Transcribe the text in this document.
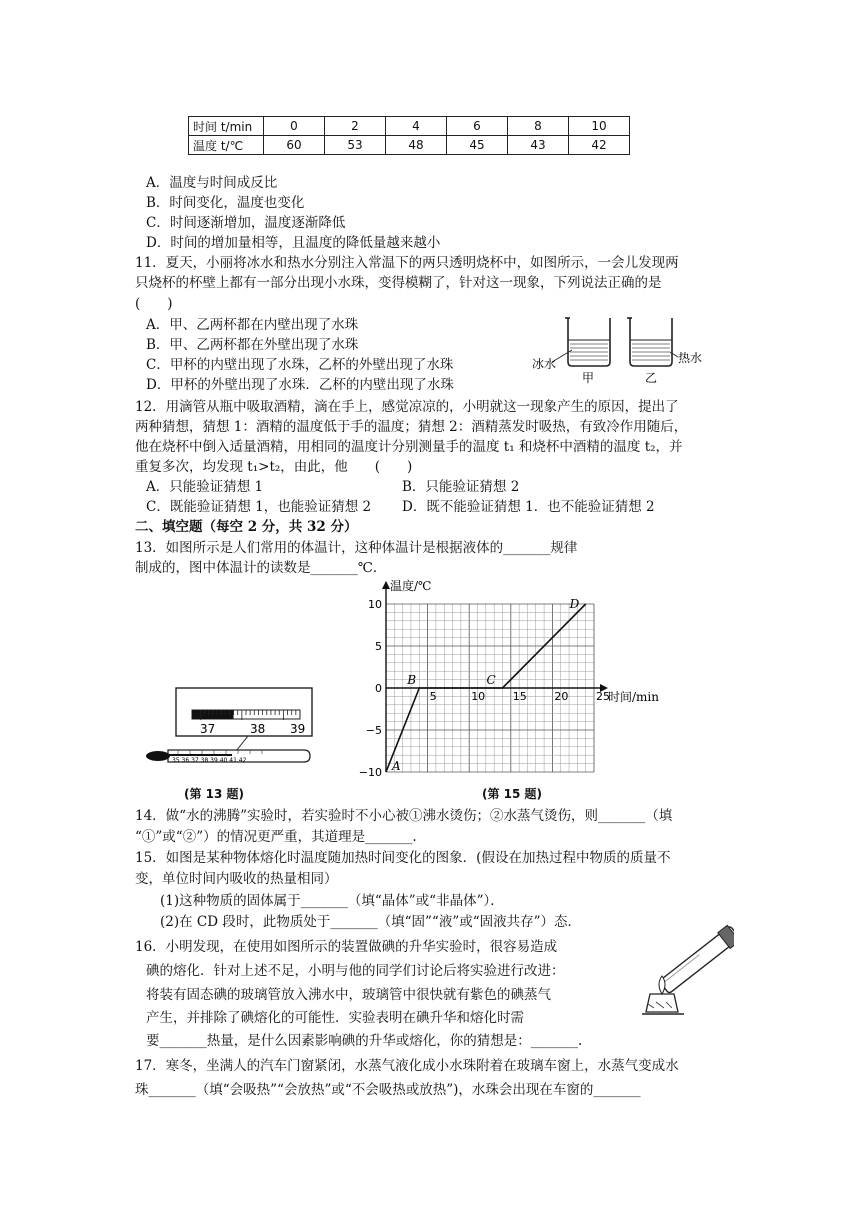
时间 t/min	0	2	4	6	8	10
温度 t/℃	60	53	48	45	43	42
A．温度与时间成反比
B．时间变化，温度也变化
C．时间逐渐增加，温度逐渐降低
D．时间的增加量相等，且温度的降低量越来越小
11．夏天，小丽将冰水和热水分别注入常温下的两只透明烧杯中，如图所示，一会儿发现两
只烧杯的杯壁上都有一部分出现小水珠，变得模糊了，针对这一现象，下列说法正确的是
(　　)
A．甲、乙两杯都在内壁出现了水珠
B．甲、乙两杯都在外壁出现了水珠
C．甲杯的内壁出现了水珠，乙杯的外壁出现了水珠
D．甲杯的外壁出现了水珠．乙杯的内壁出现了水珠
冰水	热水
甲	乙
12．用滴管从瓶中吸取酒精，滴在手上，感觉凉凉的，小明就这一现象产生的原因，提出了
两种猜想，猜想 1：酒精的温度低于手的温度；猜想 2：酒精蒸发时吸热，有致冷作用随后，
他在烧杯中倒入适量酒精，用相同的温度计分别测量手的温度 t₁ 和烧杯中酒精的温度 t₂，并
重复多次，均发现 t₁>t₂，由此，他　　(　　)
A．只能验证猜想 1	B．只能验证猜想 2
C．既能验证猜想 1，也能验证猜想 2 D．既不能验证猜想 1．也不能验证猜想 2
二、填空题（每空 2 分，共 32 分）
13．如图所示是人们常用的体温计，这种体温计是根据液体的_______规律
制成的，图中体温计的读数是_______℃．
37	38 39
35 36 37 38 39 40 41 42
(第 13 题)
5	10	15	20	25
10
5
0
−5
−10 A
B	C
D
温度/℃
时间/min
(第 15 题)
14．做“水的沸腾”实验时，若实验时不小心被①沸水烫伤；②水蒸气烫伤，则_______（填
“①”或“②”）的情况更严重，其道理是_______.
15．如图是某种物体熔化时温度随加热时间变化的图象．(假设在加热过程中物质的质量不
变，单位时间内吸收的热量相同）
(1)这种物质的固体属于_______（填“晶体”或“非晶体”）．
(2)在 CD 段时，此物质处于_______（填“固”“液”或“固液共存”）态．
16．小明发现，在使用如图所示的装置做碘的升华实验时，很容易造成
碘的熔化．针对上述不足，小明与他的同学们讨论后将实验进行改进：
将装有固态碘的玻璃管放入沸水中，玻璃管中很快就有紫色的碘蒸气
产生，并排除了碘熔化的可能性．实验表明在碘升华和熔化时需
要_______热量，是什么因素影响碘的升华或熔化，你的猜想是：_______.
17．寒冬，坐满人的汽车门窗紧闭，水蒸气液化成小水珠附着在玻璃车窗上，水蒸气变成水
珠_______（填“会吸热”“会放热”或“不会吸热或放热”)，水珠会出现在车窗的_______
